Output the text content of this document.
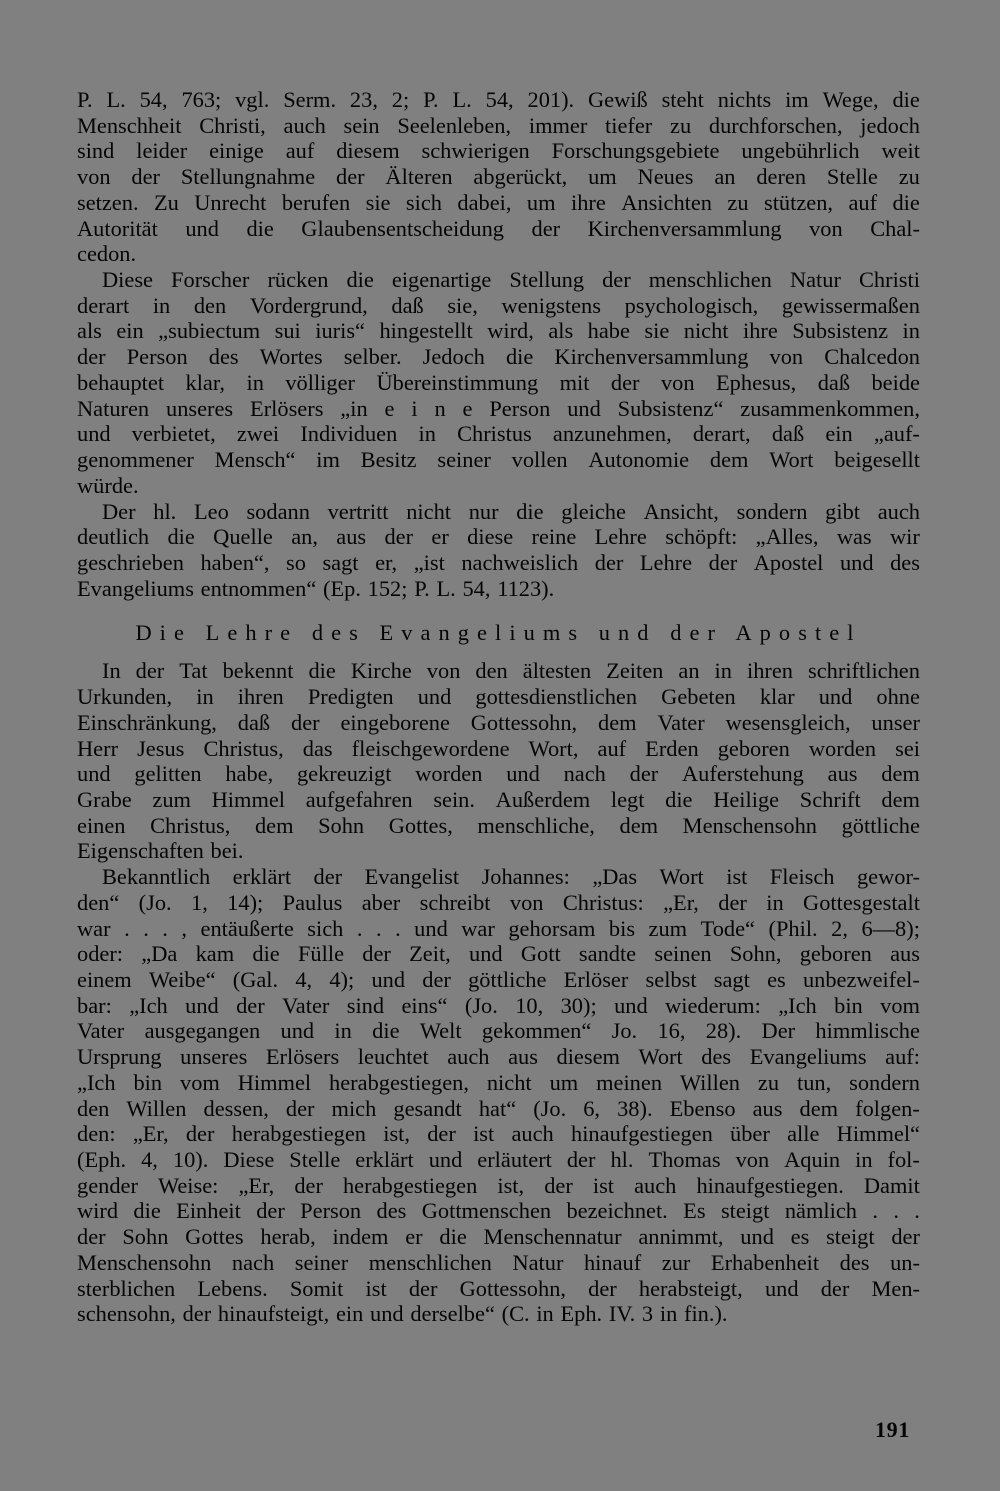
P. L. 54, 763; vgl. Serm. 23, 2; P. L. 54, 201). Gewiß steht nichts im Wege, die
Menschheit Christi, auch sein Seelenleben, immer tiefer zu durchforschen, jedoch
sind leider einige auf diesem schwierigen Forschungsgebiete ungebührlich weit
von der Stellungnahme der Älteren abgerückt, um Neues an deren Stelle zu
setzen. Zu Unrecht berufen sie sich dabei, um ihre Ansichten zu stützen, auf die
Autorität und die Glaubensentscheidung der Kirchenversammlung von Chal-
cedon.
Diese Forscher rücken die eigenartige Stellung der menschlichen Natur Christi
derart in den Vordergrund, daß sie, wenigstens psychologisch, gewissermaßen
als ein „subiectum sui iuris“ hingestellt wird, als habe sie nicht ihre Subsistenz in
der Person des Wortes selber. Jedoch die Kirchenversammlung von Chalcedon
behauptet klar, in völliger Übereinstimmung mit der von Ephesus, daß beide
Naturen unseres Erlösers „in e i n e Person und Subsistenz“ zusammenkommen,
und verbietet, zwei Individuen in Christus anzunehmen, derart, daß ein „auf-
genommener Mensch“ im Besitz seiner vollen Autonomie dem Wort beigesellt
würde.
Der hl. Leo sodann vertritt nicht nur die gleiche Ansicht, sondern gibt auch
deutlich die Quelle an, aus der er diese reine Lehre schöpft: „Alles, was wir
geschrieben haben“, so sagt er, „ist nachweislich der Lehre der Apostel und des
Evangeliums entnommen“ (Ep. 152; P. L. 54, 1123).
Die Lehre des Evangeliums und der Apostel
In der Tat bekennt die Kirche von den ältesten Zeiten an in ihren schriftlichen
Urkunden, in ihren Predigten und gottesdienstlichen Gebeten klar und ohne
Einschränkung, daß der eingeborene Gottessohn, dem Vater wesensgleich, unser
Herr Jesus Christus, das fleischgewordene Wort, auf Erden geboren worden sei
und gelitten habe, gekreuzigt worden und nach der Auferstehung aus dem
Grabe zum Himmel aufgefahren sein. Außerdem legt die Heilige Schrift dem
einen Christus, dem Sohn Gottes, menschliche, dem Menschensohn göttliche
Eigenschaften bei.
Bekanntlich erklärt der Evangelist Johannes: „Das Wort ist Fleisch gewor-
den“ (Jo. 1, 14); Paulus aber schreibt von Christus: „Er, der in Gottesgestalt
war . . . , entäußerte sich . . . und war gehorsam bis zum Tode“ (Phil. 2, 6—8);
oder: „Da kam die Fülle der Zeit, und Gott sandte seinen Sohn, geboren aus
einem Weibe“ (Gal. 4, 4); und der göttliche Erlöser selbst sagt es unbezweifel-
bar: „Ich und der Vater sind eins“ (Jo. 10, 30); und wiederum: „Ich bin vom
Vater ausgegangen und in die Welt gekommen“ Jo. 16, 28). Der himmlische
Ursprung unseres Erlösers leuchtet auch aus diesem Wort des Evangeliums auf:
„Ich bin vom Himmel herabgestiegen, nicht um meinen Willen zu tun, sondern
den Willen dessen, der mich gesandt hat“ (Jo. 6, 38). Ebenso aus dem folgen-
den: „Er, der herabgestiegen ist, der ist auch hinaufgestiegen über alle Himmel“
(Eph. 4, 10). Diese Stelle erklärt und erläutert der hl. Thomas von Aquin in fol-
gender Weise: „Er, der herabgestiegen ist, der ist auch hinaufgestiegen. Damit
wird die Einheit der Person des Gottmenschen bezeichnet. Es steigt nämlich . . .
der Sohn Gottes herab, indem er die Menschennatur annimmt, und es steigt der
Menschensohn nach seiner menschlichen Natur hinauf zur Erhabenheit des un-
sterblichen Lebens. Somit ist der Gottessohn, der herabsteigt, und der Men-
schensohn, der hinaufsteigt, ein und derselbe“ (C. in Eph. IV. 3 in fin.).
191
